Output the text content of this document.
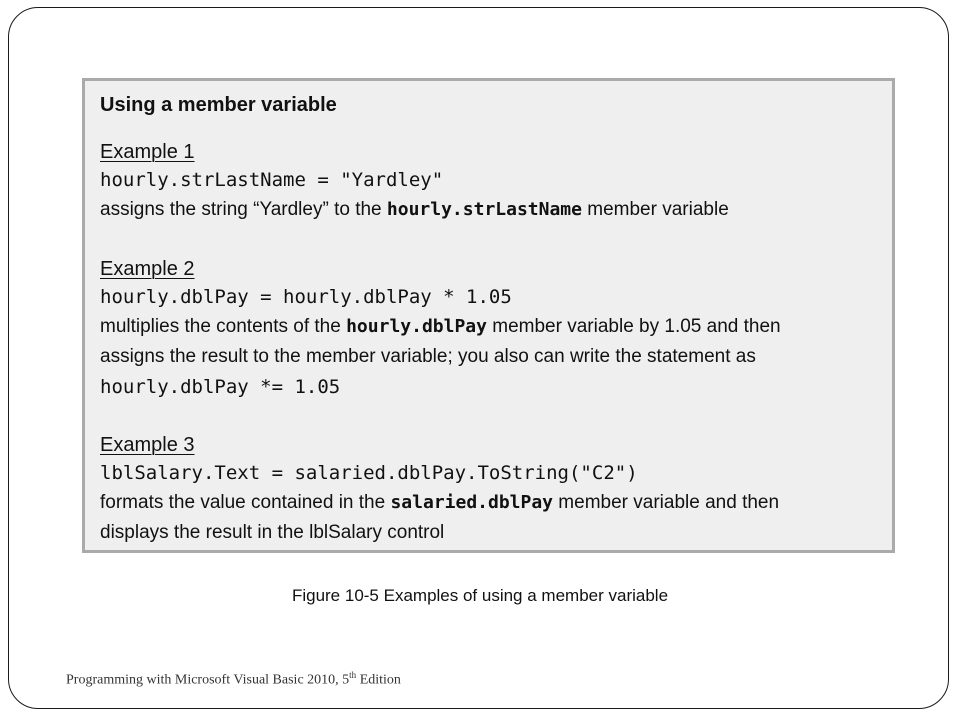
Using a member variable
Example 1
hourly.strLastName = "Yardley"
assigns the string “Yardley” to the hourly.strLastName member variable
Example 2
hourly.dblPay = hourly.dblPay * 1.05
multiplies the contents of the hourly.dblPay member variable by 1.05 and then
assigns the result to the member variable; you also can write the statement as
hourly.dblPay *= 1.05
Example 3
lblSalary.Text = salaried.dblPay.ToString("C2")
formats the value contained in the salaried.dblPay member variable and then
displays the result in the lblSalary control
Figure 10-5 Examples of using a member variable
Programming with Microsoft Visual Basic 2010, 5th Edition
